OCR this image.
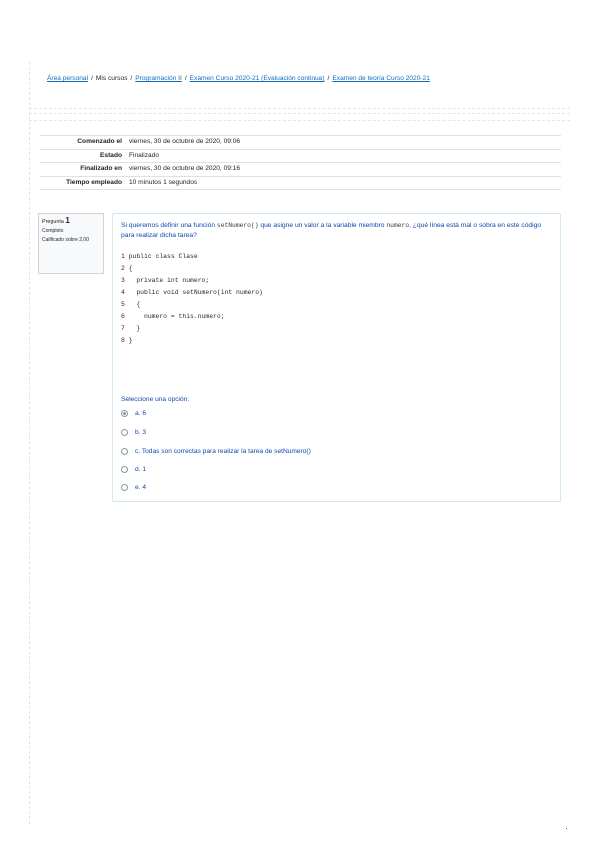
Área personal / Mis cursos / Programación II / Examen Curso 2020-21 (Evaluación continua) / Examen de teoría Curso 2020-21
Comenzado el	viernes, 30 de octubre de 2020, 09:06
Estado	Finalizado
Finalizado en	viernes, 30 de octubre de 2020, 09:16
Tiempo empleado	10 minutos 1 segundos
Pregunta 1
Completo
Calificado sobre 2,00
Si queremos definir una función setNumero() que asigne un valor a la variable miembro numero, ¿qué línea está mal o sobra en este código para realizar dicha tarea?
1 public class Clase
2 {
3   private int numero;
4   public void setNumero(int numero)
5   {
6     numero = this.numero;
7   }
8 }
Seleccione una opción:
a. 6
b. 3
c. Todas son correctas para realizar la tarea de setNumero()
d. 1
e. 4
